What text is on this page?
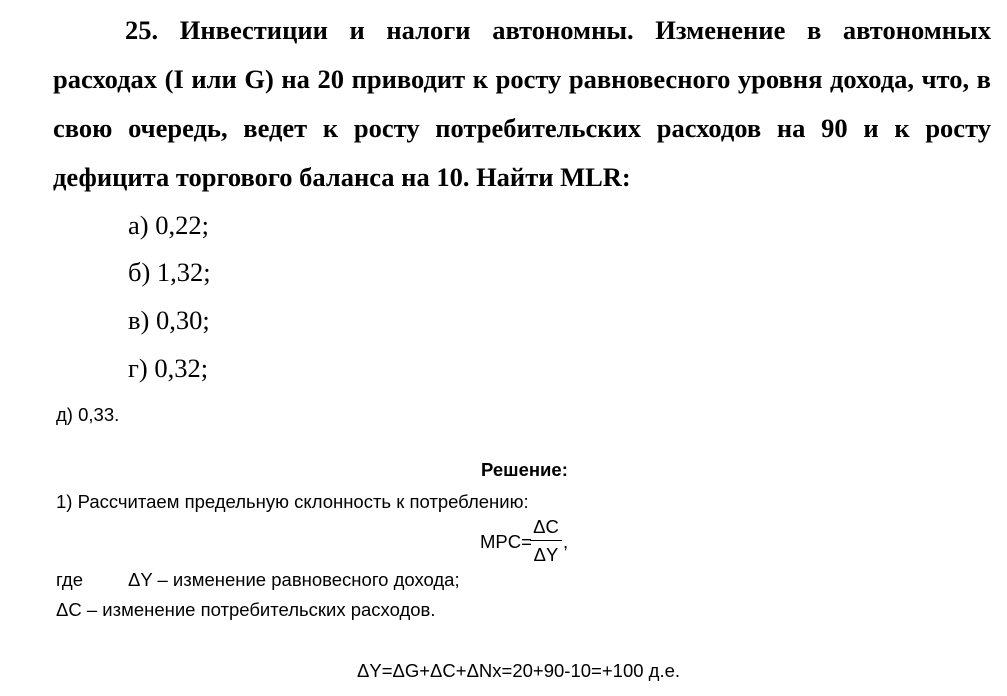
25. Инвестиции и налоги автономны. Изменение в автономных расходах (I или G) на 20 приводит к росту равновесного уровня дохода, что, в свою очередь, ведет к росту потребительских расходов на 90 и к росту дефицита торгового баланса на 10. Найти MLR:
а) 0,22;
б) 1,32;
в) 0,30;
г) 0,32;
д) 0,33.
Решение:
1) Рассчитаем предельную склонность к потреблению:
MPC=
ΔC
ΔY
,
где ΔY – изменение равновесного дохода;
ΔC – изменение потребительских расходов.
ΔY=ΔG+ΔC+ΔNx=20+90-10=+100 д.е.
